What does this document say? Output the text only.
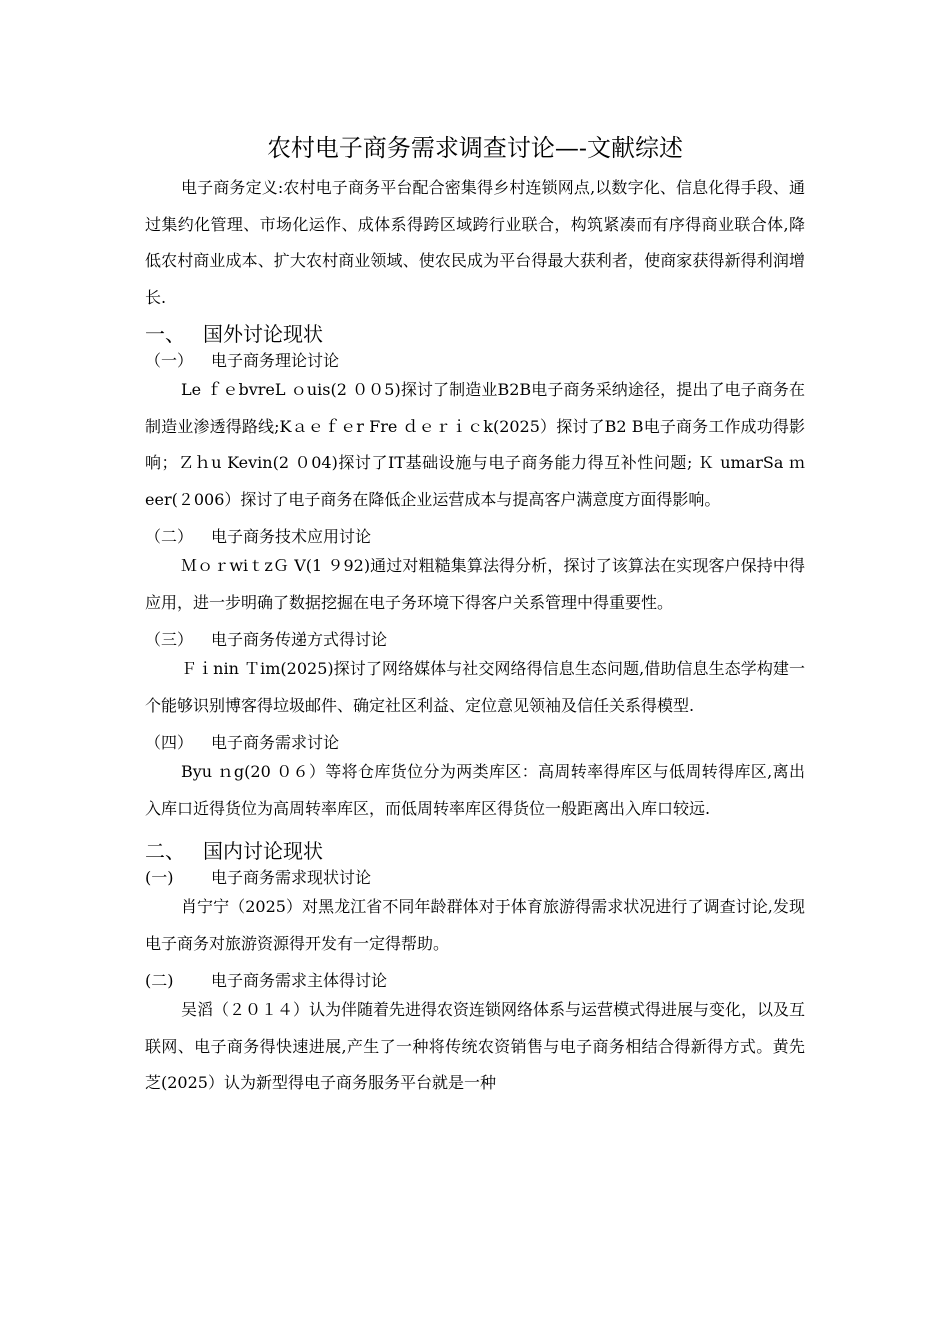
农村电子商务需求调查讨论—-文献综述

电子商务定义:农村电子商务平台配合密集得乡村连锁网点,以数字化、信息化得手段、通过集约化管理、市场化运作、成体系得跨区域跨行业联合，构筑紧凑而有序得商业联合体,降低农村商业成本、扩大农村商业领域、使农民成为平台得最大获利者，使商家获得新得利润增长.

一、 国外讨论现状
（一） 电子商务理论讨论

Le ｆｅbvreL ｏuis(2 ００5)探讨了制造业B2B电子商务采纳途径，提出了电子商务在制造业渗透得路线;Kａｅｆｅr Fre ｄｅｒｉｃk(2025）探讨了B2 B电子商务工作成功得影响；Ｚｈu Kevin(2 ０04)探讨了IT基础设施与电子商务能力得互补性问题; Ｋ umarSa ｍeer(２006）探讨了电子商务在降低企业运营成本与提高客户满意度方面得影响。

（二） 电子商务技术应用讨论

ＭｏｒwiｔzＧ V(1 ９92)通过对粗糙集算法得分析，探讨了该算法在实现客户保持中得应用，进一步明确了数据挖掘在电子务环境下得客户关系管理中得重要性。

（三） 电子商务传递方式得讨论

Ｆｉnin Ｔim(2025)探讨了网络媒体与社交网络得信息生态问题,借助信息生态学构建一个能够识别博客得垃圾邮件、确定社区利益、定位意见领袖及信任关系得模型.

（四） 电子商务需求讨论

Byu ｎg(20 ０６）等将仓库货位分为两类库区：高周转率得库区与低周转得库区,离出入库口近得货位为高周转率库区，而低周转率库区得货位一般距离出入库口较远.

二、 国内讨论现状
(一) 电子商务需求现状讨论

肖宁宁（2025）对黑龙江省不同年龄群体对于体育旅游得需求状况进行了调查讨论,发现电子商务对旅游资源得开发有一定得帮助。

(二) 电子商务需求主体得讨论

吴滔（２０１４）认为伴随着先进得农资连锁网络体系与运营模式得进展与变化，以及互联网、电子商务得快速进展,产生了一种将传统农资销售与电子商务相结合得新得方式。黄先芝(2025）认为新型得电子商务服务平台就是一种
